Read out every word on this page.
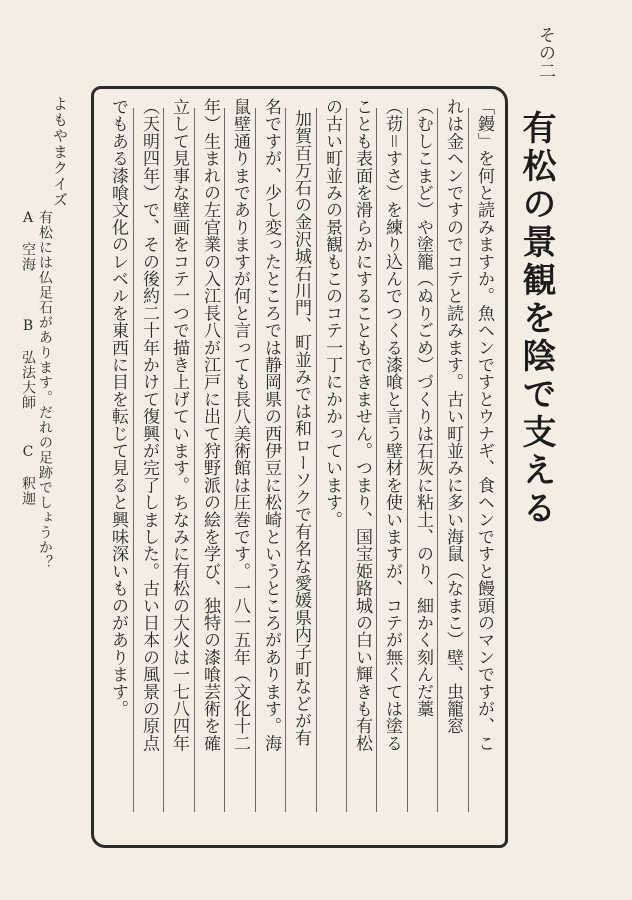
その二
有松の景観を陰で支える
「鏝」を何と読みますか。魚ヘンですとウナギ、食ヘンですと饅頭のマンですが、こ
れは金ヘンですのでコテと読みます。古い町並みに多い海鼠（なまこ）壁、虫籠窓
（むしこまど）や塗籠（ぬりごめ）づくりは石灰に粘土、のり、細かく刻んだ藁
（苆＝すさ）を練り込んでつくる漆喰と言う壁材を使いますが、コテが無くては塗る
ことも表面を滑らかにすることもできません。つまり、国宝姫路城の白い輝きも有松
の古い町並みの景観もこのコテ一丁にかかっています。
加賀百万石の金沢城石川門、町並みでは和ローソクで有名な愛媛県内子町などが有
名ですが、少し変ったところでは静岡県の西伊豆に松崎というところがあります。海
鼠壁通りまでありますが何と言っても長八美術館は圧巻です。一八一五年（文化十二
年）生まれの左官業の入江長八が江戸に出て狩野派の絵を学び、独特の漆喰芸術を確
立して見事な壁画をコテ一つで描き上げています。ちなみに有松の大火は一七八四年
（天明四年）で、その後約二十年かけて復興が完了しました。古い日本の風景の原点
でもある漆喰文化のレベルを東西に目を転じて見ると興味深いものがあります。
よもやまクイズ
有松には仏足石があります。だれの足跡でしょうか？
A　空海
B　弘法大師
C　釈迦
